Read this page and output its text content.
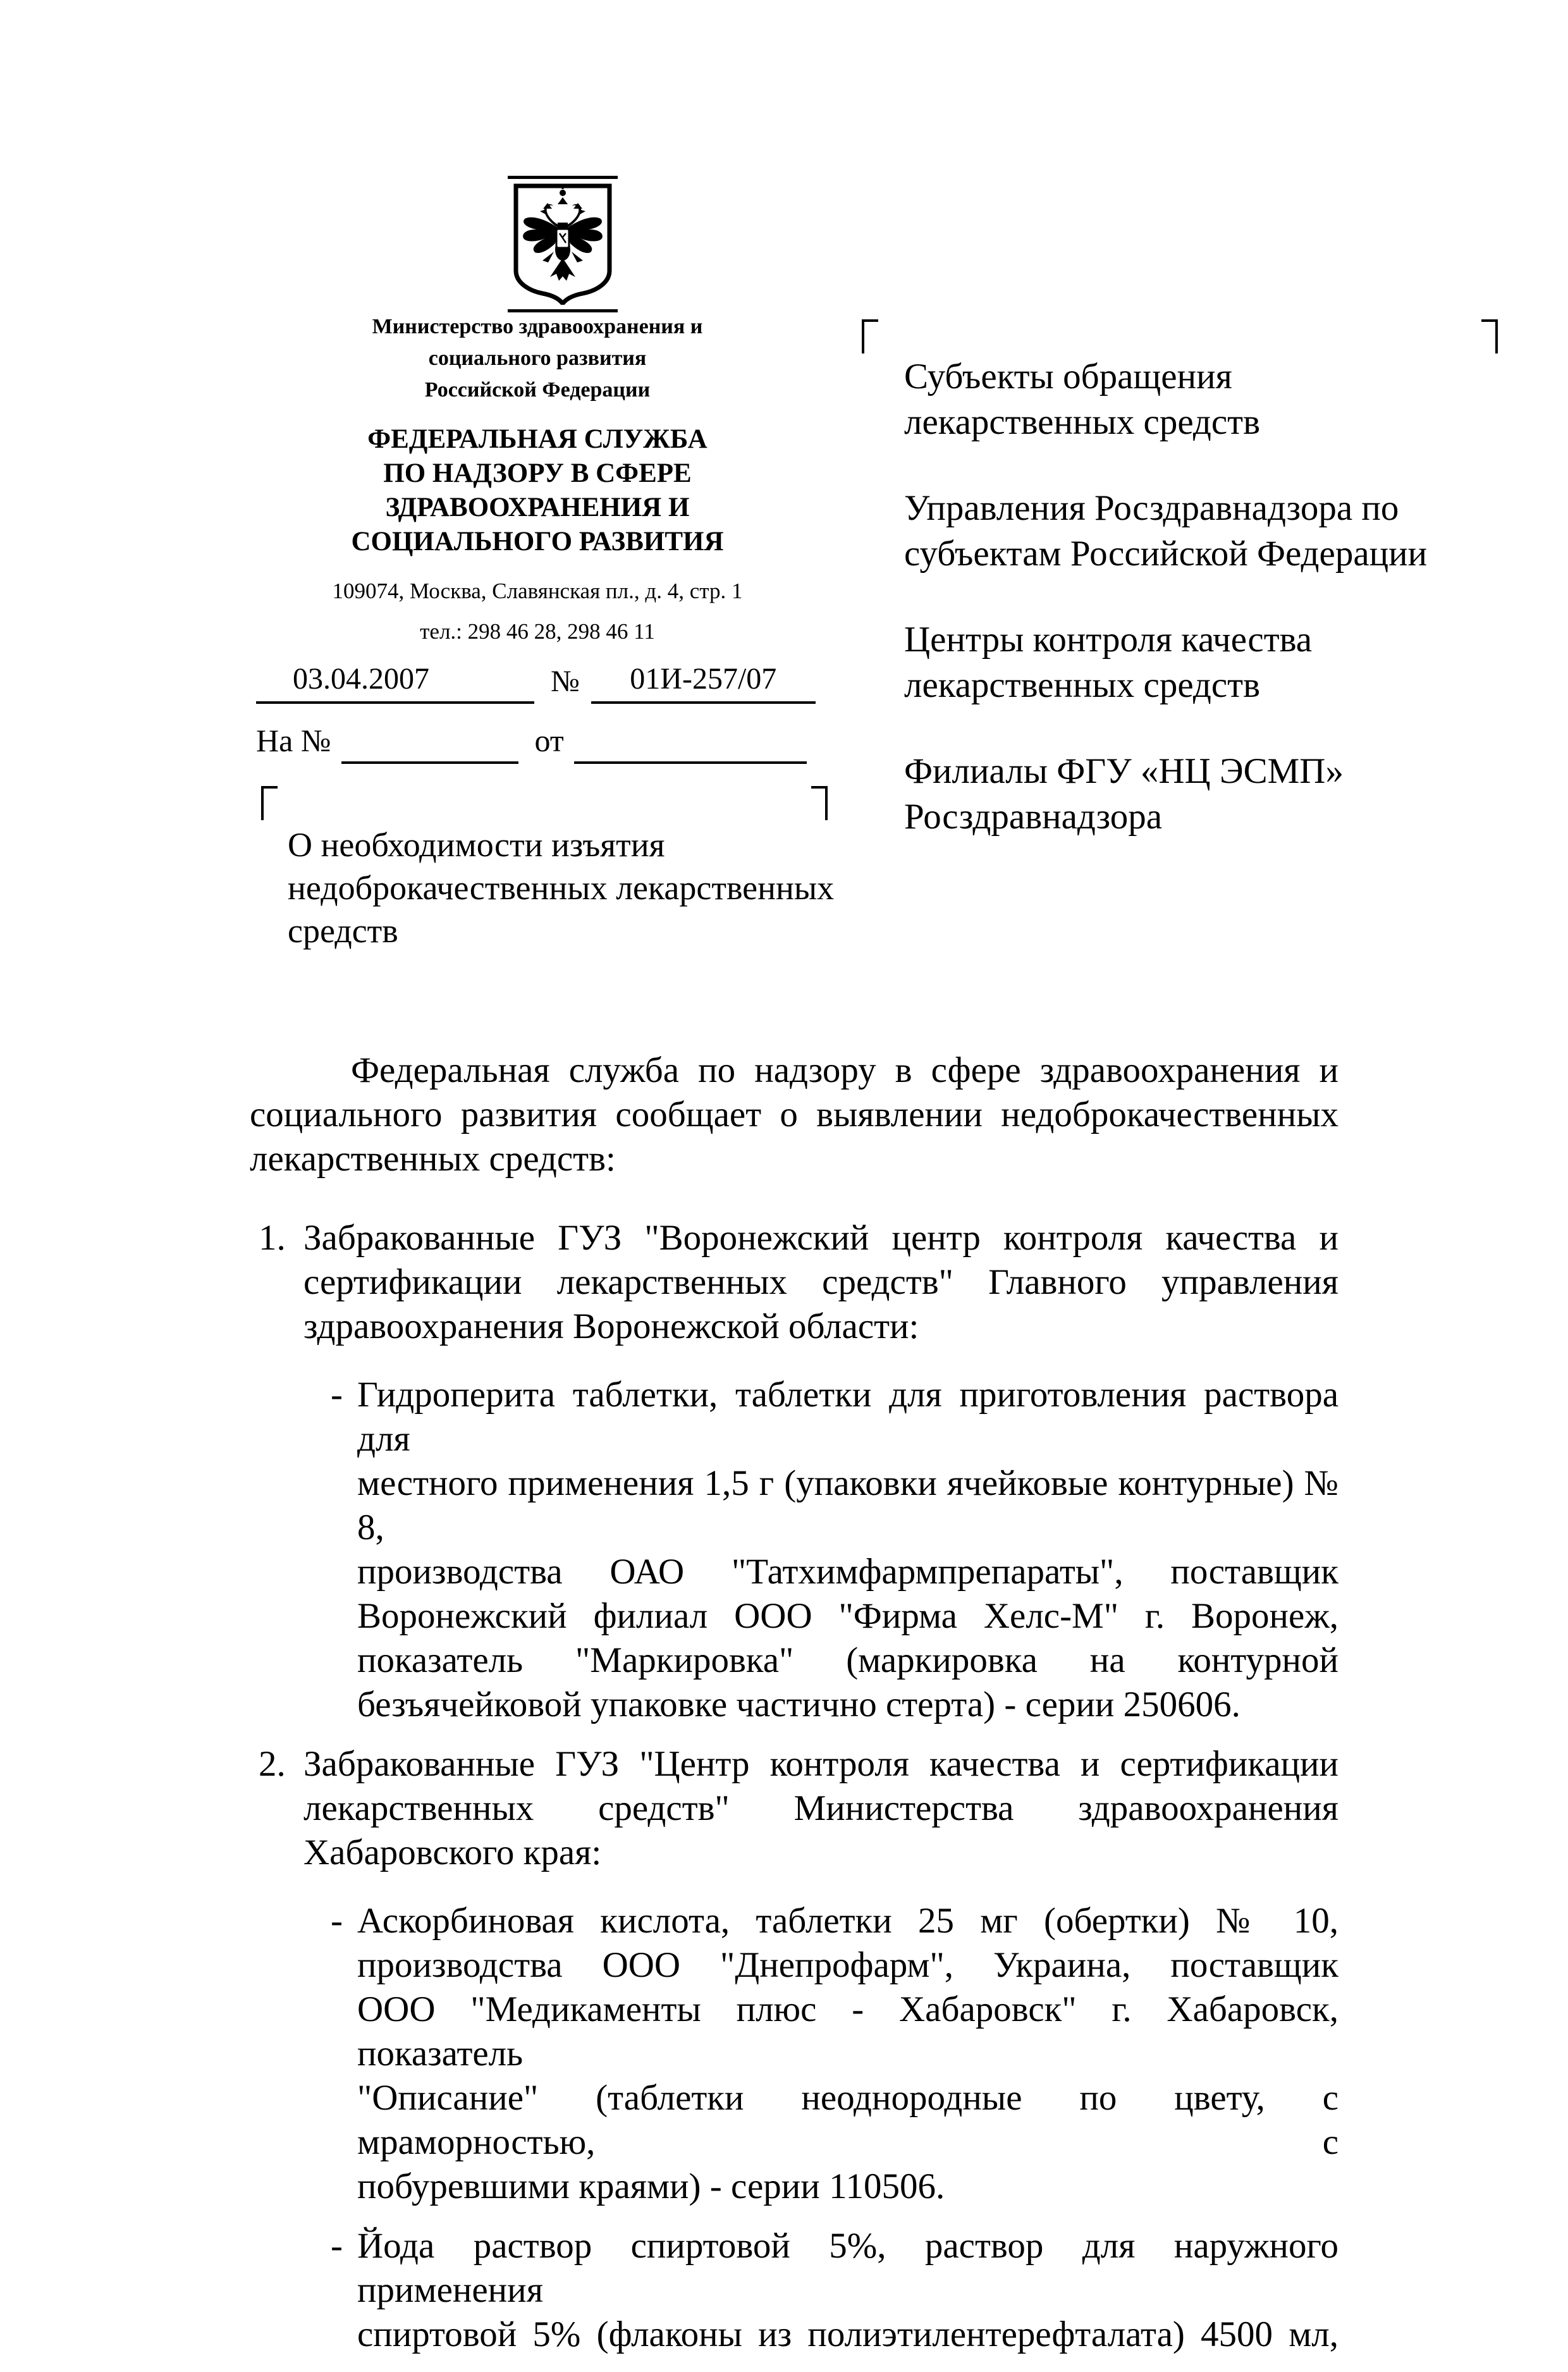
Министерство здравоохранения и
социального развития
Российской Федерации
ФЕДЕРАЛЬНАЯ СЛУЖБА
ПО НАДЗОРУ В СФЕРЕ
ЗДРАВООХРАНЕНИЯ И
СОЦИАЛЬНОГО РАЗВИТИЯ
109074, Москва, Славянская пл., д. 4, стр. 1
тел.: 298 46 28, 298 46 11
03.04.2007	№	01И-257/07
На №	от
О необходимости изъятия
недоброкачественных лекарственных
средств
Субъекты обращения
лекарственных средств
Управления Росздравнадзора по
субъектам Российской Федерации
Центры контроля качества
лекарственных средств
Филиалы ФГУ «НЦ ЭСМП»
Росздравнадзора
Федеральная служба по надзору в сфере здравоохранения и
социального развития сообщает о выявлении недоброкачественных
лекарственных средств:
1. Забракованные ГУЗ "Воронежский центр контроля качества и
сертификации лекарственных средств" Главного управления
здравоохранения Воронежской области:
- Гидроперита таблетки, таблетки для приготовления раствора для
местного применения 1,5 г (упаковки ячейковые контурные) № 8,
производства ОАО "Татхимфармпрепараты", поставщик
Воронежский филиал ООО "Фирма Хелс-М" г. Воронеж,
показатель "Маркировка" (маркировка на контурной
безъячейковой упаковке частично стерта) - серии 250606.
2. Забракованные ГУЗ "Центр контроля качества и сертификации
лекарственных средств" Министерства здравоохранения
Хабаровского края:
- Аскорбиновая кислота, таблетки 25 мг (обертки) № 10,
производства ООО "Днепрофарм", Украина, поставщик
ООО "Медикаменты плюс - Хабаровск" г. Хабаровск, показатель
"Описание" (таблетки неоднородные по цвету, с мраморностью, с
побуревшими краями) - серии 110506.
- Йода раствор спиртовой 5%, раствор для наружного применения
спиртовой 5% (флаконы из полиэтилентерефталата) 4500 мл,
